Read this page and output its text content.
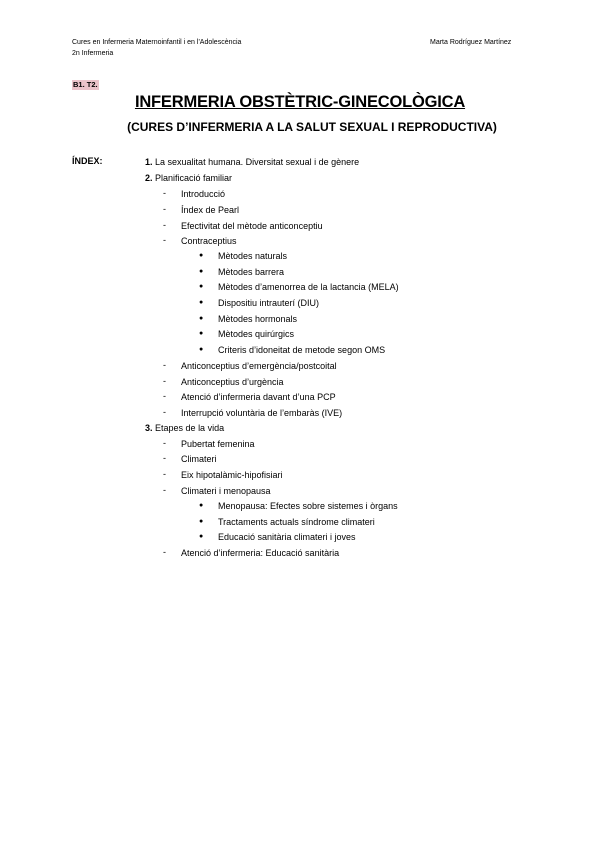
Cures en Infermeria Maternoinfantil i en l'Adolescència
2n Infermeria
Marta Rodríguez Martínez
B1. T2.
INFERMERIA OBSTÈTRIC-GINECOLÒGICA
(CURES D’INFERMERIA A LA SALUT SEXUAL I REPRODUCTIVA)
ÍNDEX:	1. La sexualitat humana. Diversitat sexual i de gènere
2. Planificació familiar
- Introducció
- Índex de Pearl
- Efectivitat del mètode anticonceptiu
- Contraceptius
● Mètodes naturals
● Mètodes barrera
● Mètodes d’amenorrea de la lactancia (MELA)
● Dispositiu intrauterí (DIU)
● Mètodes hormonals
● Mètodes quirúrgics
● Criteris d’idoneitat de metode segon OMS
- Anticonceptius d’emergència/postcoital
- Anticonceptius d’urgència
- Atenció d’infermeria davant d’una PCP
- Interrupció voluntària de l’embaràs (IVE)
3. Etapes de la vida
- Pubertat femenina
- Climateri
- Eix hipotalàmic-hipofisiari
- Climateri i menopausa
● Menopausa: Efectes sobre sistemes i òrgans
● Tractaments actuals síndrome climateri
● Educació sanitària climateri i joves
- Atenció d’infermeria: Educació sanitària
